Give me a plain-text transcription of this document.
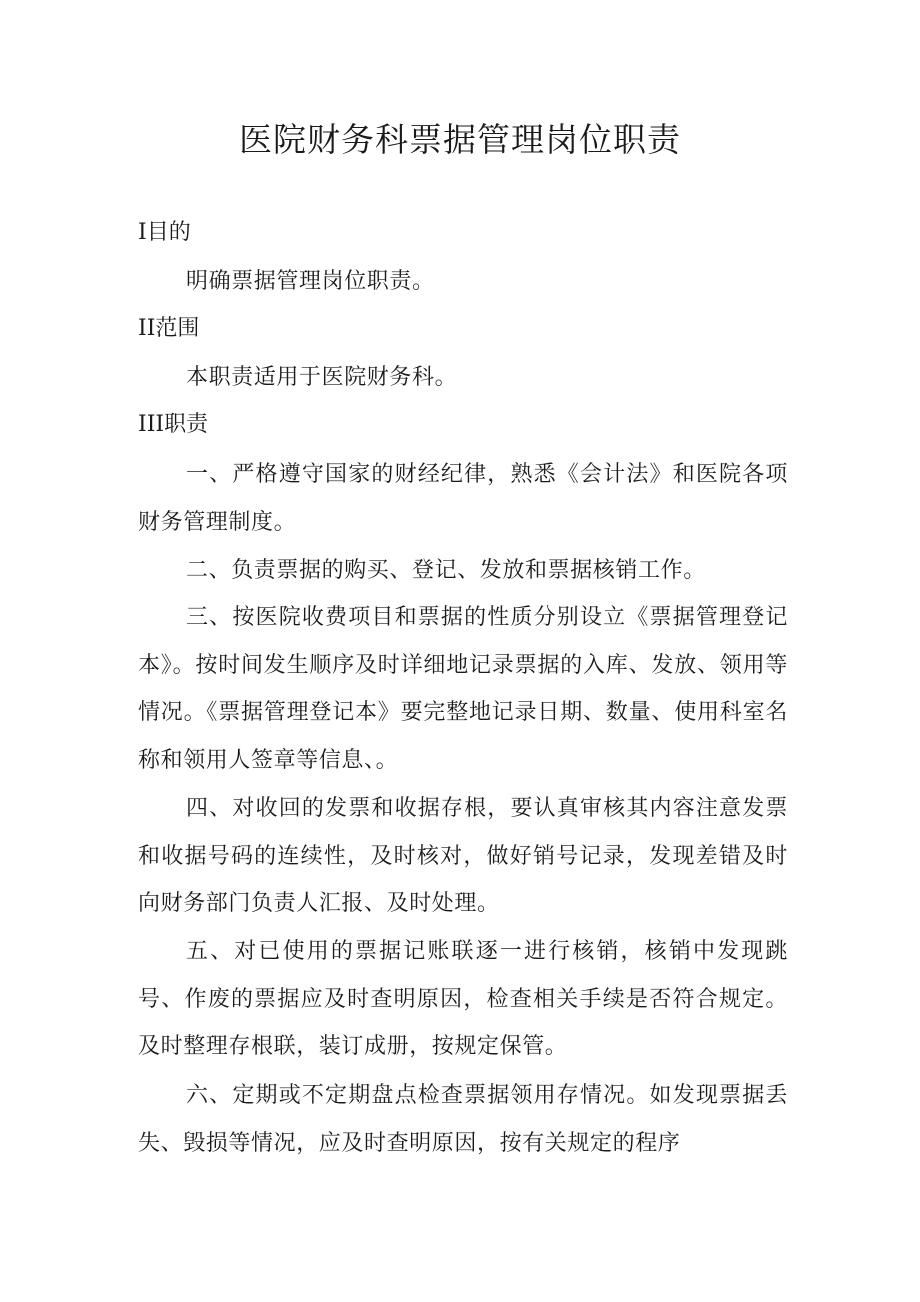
医院财务科票据管理岗位职责
I目的

明确票据管理岗位职责。

II范围

本职责适用于医院财务科。

III职责

一、严格遵守国家的财经纪律，熟悉《会计法》和医院各项财务管理制度。

二、负责票据的购买、登记、发放和票据核销工作。

三、按医院收费项目和票据的性质分别设立《票据管理登记本》。按时间发生顺序及时详细地记录票据的入库、发放、领用等情况。《票据管理登记本》要完整地记录日期、数量、使用科室名称和领用人签章等信息、。

四、对收回的发票和收据存根，要认真审核其内容注意发票和收据号码的连续性，及时核对，做好销号记录，发现差错及时向财务部门负责人汇报、及时处理。

五、对已使用的票据记账联逐一进行核销，核销中发现跳号、作废的票据应及时查明原因，检查相关手续是否符合规定。及时整理存根联，装订成册，按规定保管。

六、定期或不定期盘点检查票据领用存情况。如发现票据丢失、毁损等情况，应及时查明原因，按有关规定的程序
